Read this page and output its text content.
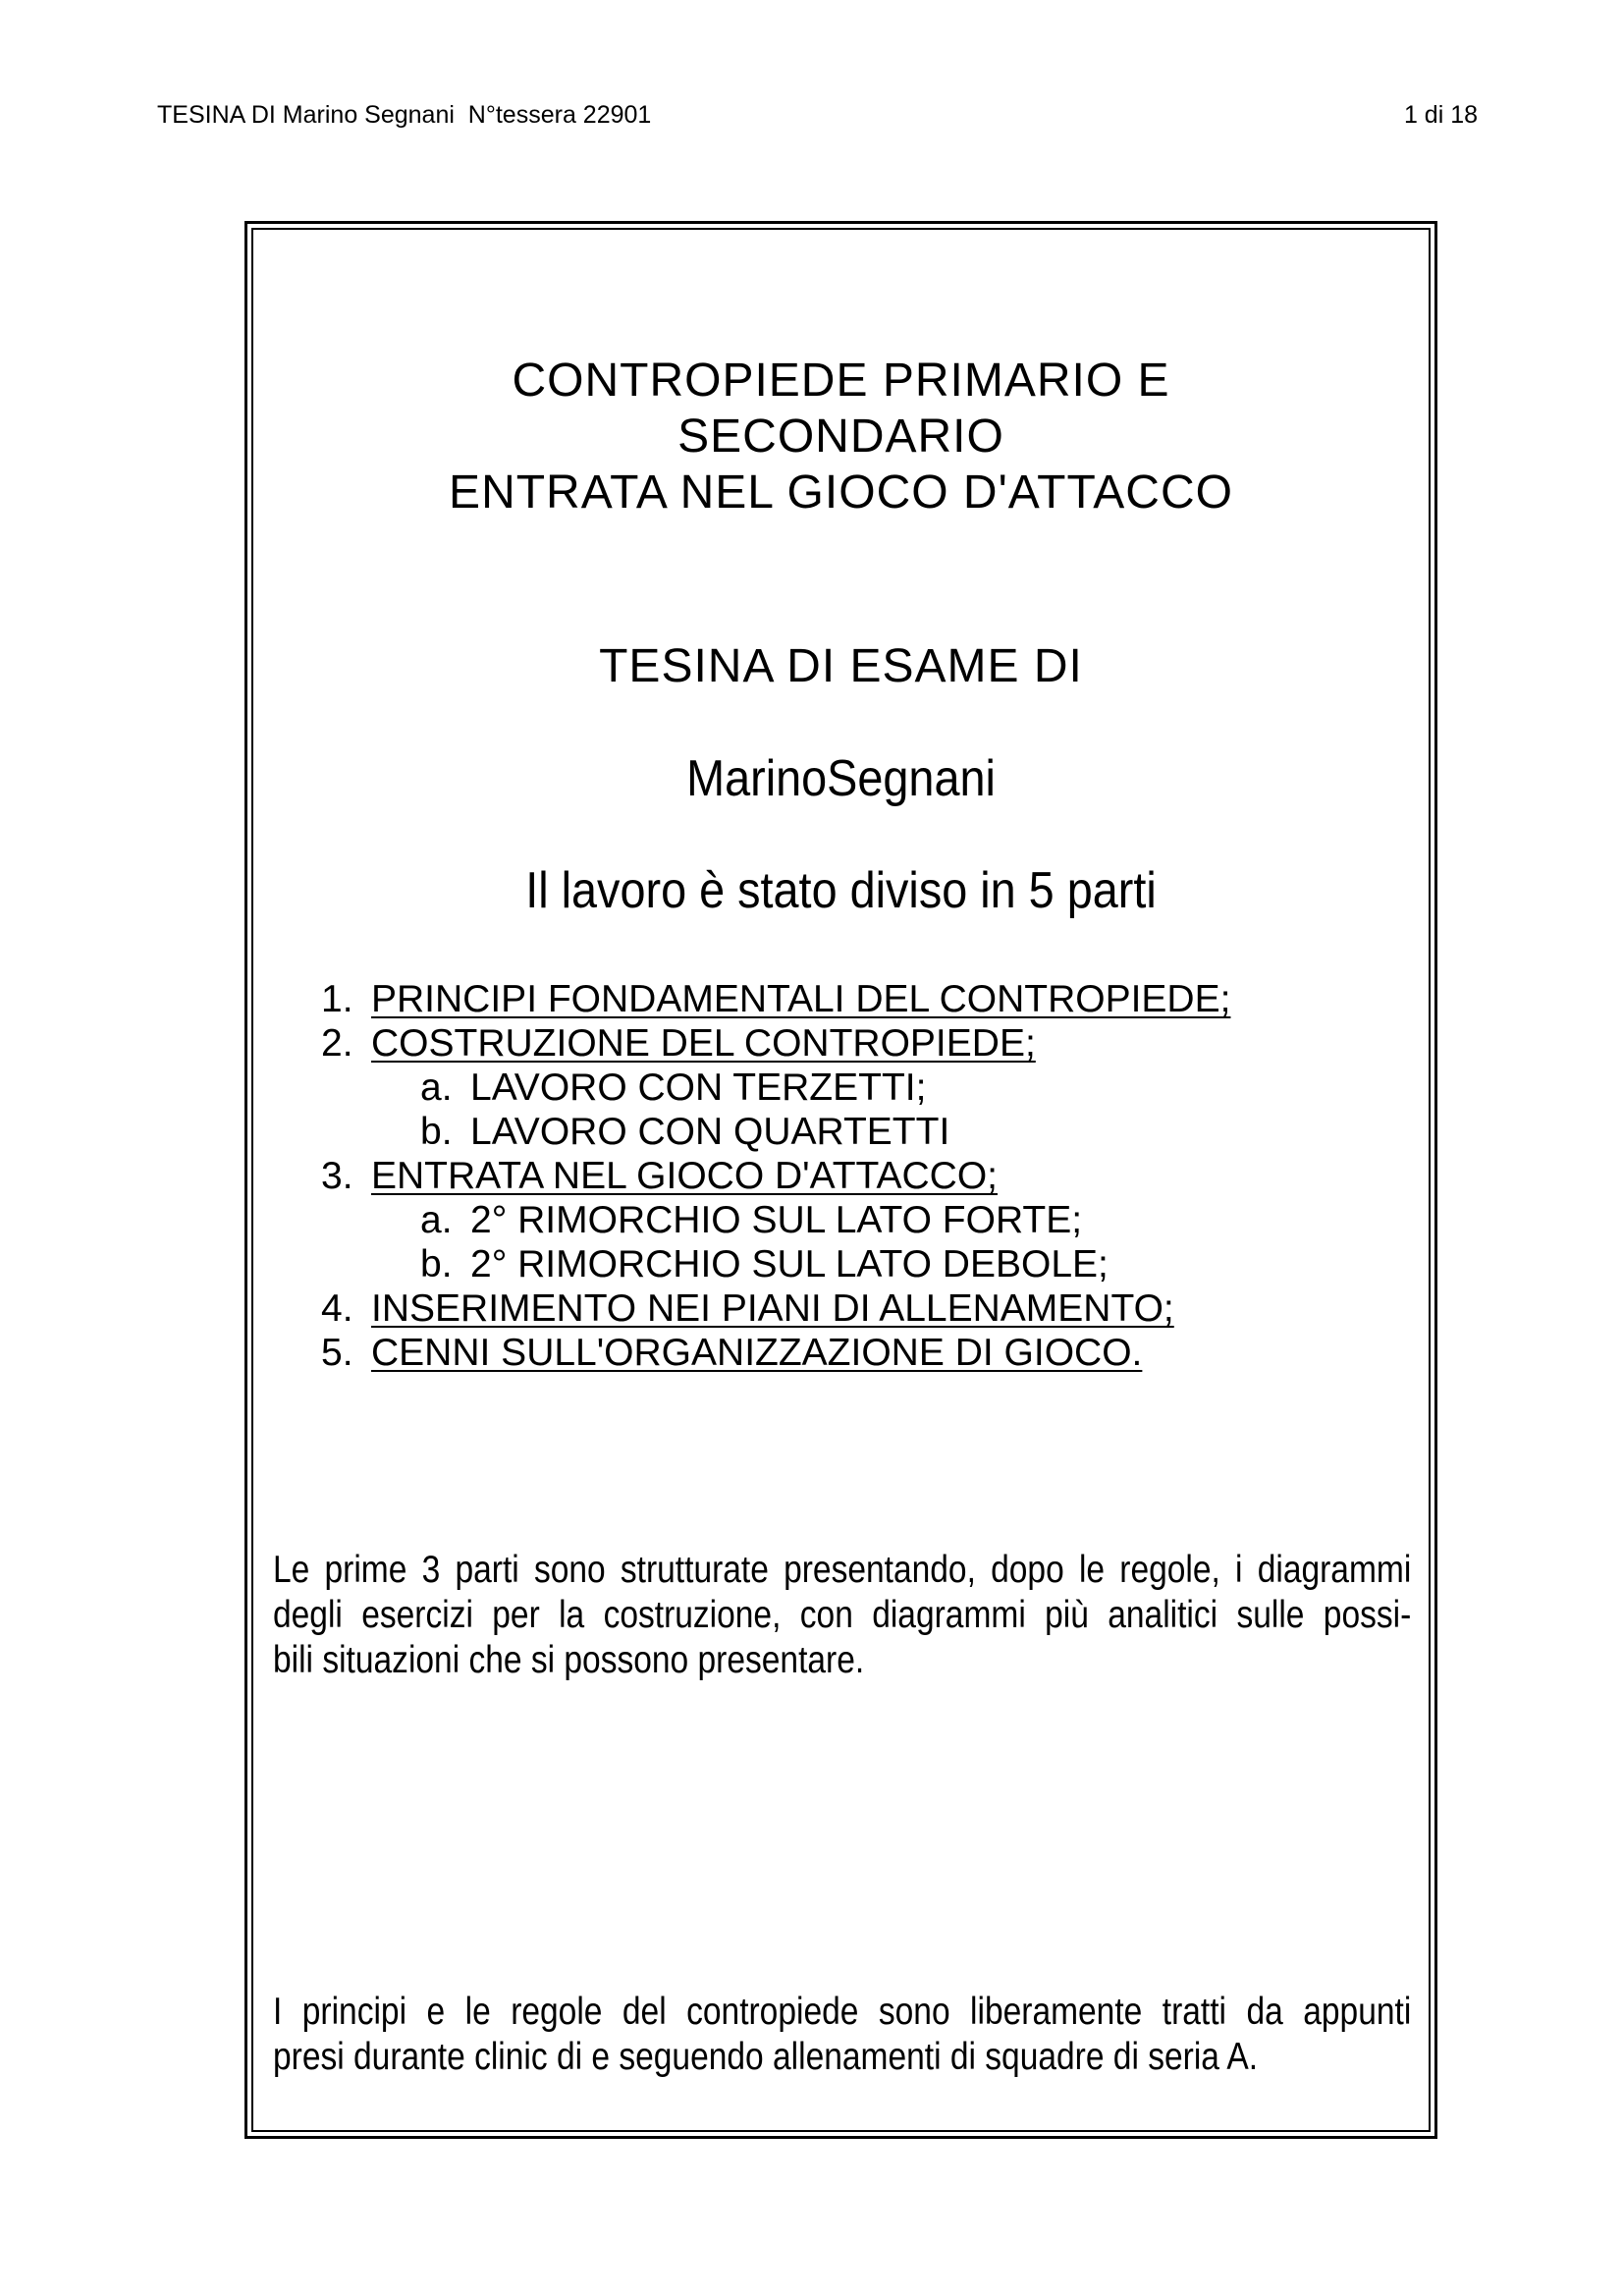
TESINA DI Marino Segnani  N°tessera 22901	1 di 18
CONTROPIEDE PRIMARIO E
SECONDARIO
ENTRATA NEL GIOCO D'ATTACCO
TESINA DI ESAME DI
MarinoSegnani
Il lavoro è stato diviso in 5 parti
1. PRINCIPI FONDAMENTALI DEL CONTROPIEDE;
2. COSTRUZIONE DEL CONTROPIEDE;
a. LAVORO CON TERZETTI;
b. LAVORO CON QUARTETTI
3. ENTRATA NEL GIOCO D'ATTACCO;
a. 2° RIMORCHIO SUL LATO FORTE;
b. 2° RIMORCHIO SUL LATO DEBOLE;
4. INSERIMENTO NEI PIANI DI ALLENAMENTO;
5. CENNI SULL'ORGANIZZAZIONE DI GIOCO.
Le prime 3 parti sono strutturate presentando, dopo le regole, i diagrammi
degli esercizi per la costruzione, con diagrammi più analitici sulle possi-
bili situazioni che si possono presentare.
I principi e le regole del contropiede sono liberamente tratti da appunti
presi durante clinic di e seguendo allenamenti di squadre di seria A.
